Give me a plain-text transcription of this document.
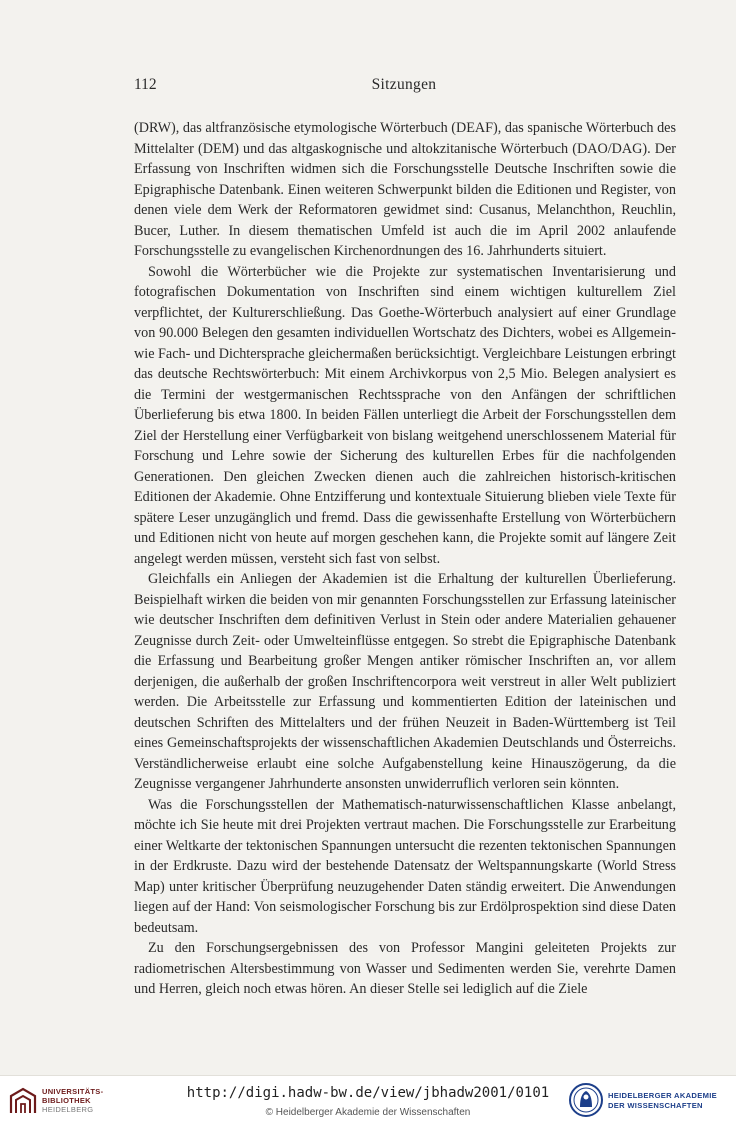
112	Sitzungen

(DRW), das altfranzösische etymologische Wörterbuch (DEAF), das spanische Wörterbuch des Mittelalter (DEM) und das altgaskognische und altokzitanische Wörterbuch (DAO/DAG). Der Erfassung von Inschriften widmen sich die Forschungsstelle Deutsche Inschriften sowie die Epigraphische Datenbank. Einen weiteren Schwerpunkt bilden die Editionen und Register, von denen viele dem Werk der Reformatoren gewidmet sind: Cusanus, Melanchthon, Reuchlin, Bucer, Luther. In diesem thematischen Umfeld ist auch die im April 2002 anlaufende Forschungsstelle zu evangelischen Kirchenordnungen des 16. Jahrhunderts situiert.

Sowohl die Wörterbücher wie die Projekte zur systematischen Inventarisierung und fotografischen Dokumentation von Inschriften sind einem wichtigen kulturellem Ziel verpflichtet, der Kulturerschließung. Das Goethe-Wörterbuch analysiert auf einer Grundlage von 90.000 Belegen den gesamten individuellen Wortschatz des Dichters, wobei es Allgemein- wie Fach- und Dichtersprache gleichermaßen berücksichtigt. Vergleichbare Leistungen erbringt das deutsche Rechtswörterbuch: Mit einem Archivkorpus von 2,5 Mio. Belegen analysiert es die Termini der westgermanischen Rechtssprache von den Anfängen der schriftlichen Überlieferung bis etwa 1800. In beiden Fällen unterliegt die Arbeit der Forschungsstellen dem Ziel der Herstellung einer Verfügbarkeit von bislang weitgehend unerschlossenem Material für Forschung und Lehre sowie der Sicherung des kulturellen Erbes für die nachfolgenden Generationen. Den gleichen Zwecken dienen auch die zahlreichen historisch-kritischen Editionen der Akademie. Ohne Entzifferung und kontextuale Situierung blieben viele Texte für spätere Leser unzugänglich und fremd. Dass die gewissenhafte Erstellung von Wörterbüchern und Editionen nicht von heute auf morgen geschehen kann, die Projekte somit auf längere Zeit angelegt werden müssen, versteht sich fast von selbst.

Gleichfalls ein Anliegen der Akademien ist die Erhaltung der kulturellen Überlieferung. Beispielhaft wirken die beiden von mir genannten Forschungsstellen zur Erfassung lateinischer wie deutscher Inschriften dem definitiven Verlust in Stein oder andere Materialien gehauener Zeugnisse durch Zeit- oder Umwelteinflüsse entgegen. So strebt die Epigraphische Datenbank die Erfassung und Bearbeitung großer Mengen antiker römischer Inschriften an, vor allem derjenigen, die außerhalb der großen Inschriftencorpora weit verstreut in aller Welt publiziert werden. Die Arbeitsstelle zur Erfassung und kommentierten Edition der lateinischen und deutschen Schriften des Mittelalters und der frühen Neuzeit in Baden-Württemberg ist Teil eines Gemeinschaftsprojekts der wissenschaftlichen Akademien Deutschlands und Österreichs. Verständlicherweise erlaubt eine solche Aufgabenstellung keine Hinauszögerung, da die Zeugnisse vergangener Jahrhunderte ansonsten unwiderruflich verloren sein könnten.

Was die Forschungsstellen der Mathematisch-naturwissenschaftlichen Klasse anbelangt, möchte ich Sie heute mit drei Projekten vertraut machen. Die Forschungsstelle zur Erarbeitung einer Weltkarte der tektonischen Spannungen untersucht die rezenten tektonischen Spannungen in der Erdkruste. Dazu wird der bestehende Datensatz der Weltspannungskarte (World Stress Map) unter kritischer Überprüfung neuzugehender Daten ständig erweitert. Die Anwendungen liegen auf der Hand: Von seismologischer Forschung bis zur Erdölprospektion sind diese Daten bedeutsam.

Zu den Forschungsergebnissen des von Professor Mangini geleiteten Projekts zur radiometrischen Altersbestimmung von Wasser und Sedimenten werden Sie, verehrte Damen und Herren, gleich noch etwas hören. An dieser Stelle sei lediglich auf die Ziele

UNIVERSITÄTS-
BIBLIOTHEK
HEIDELBERG
http://digi.hadw-bw.de/view/jbhadw2001/0101
© Heidelberger Akademie der Wissenschaften
HEIDELBERGER AKADEMIE
DER WISSENSCHAFTEN
